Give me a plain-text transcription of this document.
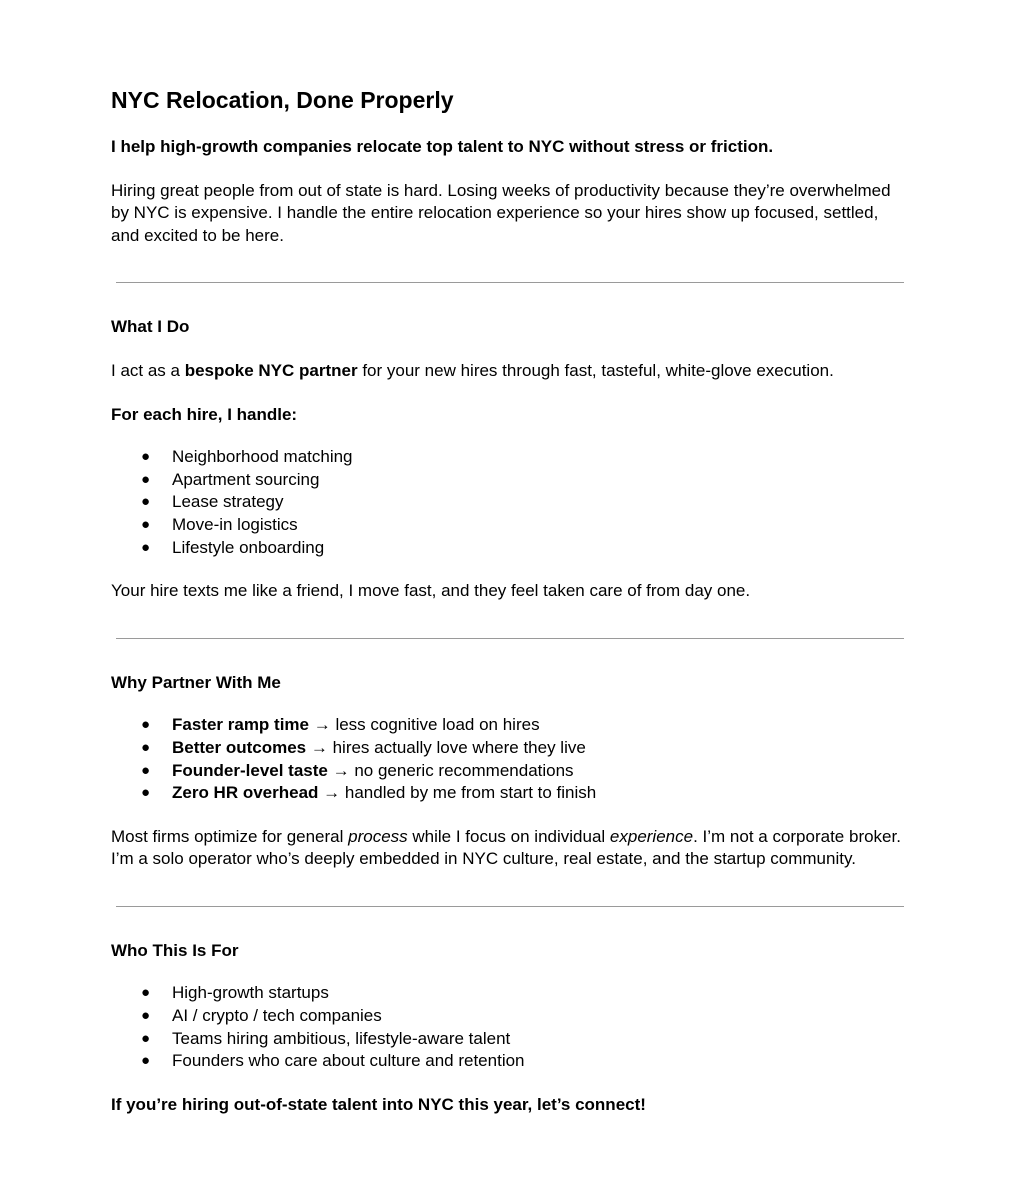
NYC Relocation, Done Properly

I help high-growth companies relocate top talent to NYC without stress or friction.

Hiring great people from out of state is hard. Losing weeks of productivity because they’re overwhelmed by NYC is expensive. I handle the entire relocation experience so your hires show up focused, settled, and excited to be here.

What I Do

I act as a bespoke NYC partner for your new hires through fast, tasteful, white-glove execution.

For each hire, I handle:

● Neighborhood matching
● Apartment sourcing
● Lease strategy
● Move-in logistics
● Lifestyle onboarding

Your hire texts me like a friend, I move fast, and they feel taken care of from day one.

Why Partner With Me

● Faster ramp time → less cognitive load on hires
● Better outcomes → hires actually love where they live
● Founder-level taste → no generic recommendations
● Zero HR overhead → handled by me from start to finish

Most firms optimize for general process while I focus on individual experience. I’m not a corporate broker. I’m a solo operator who’s deeply embedded in NYC culture, real estate, and the startup community.

Who This Is For

● High-growth startups
● AI / crypto / tech companies
● Teams hiring ambitious, lifestyle-aware talent
● Founders who care about culture and retention

If you’re hiring out-of-state talent into NYC this year, let’s connect!
